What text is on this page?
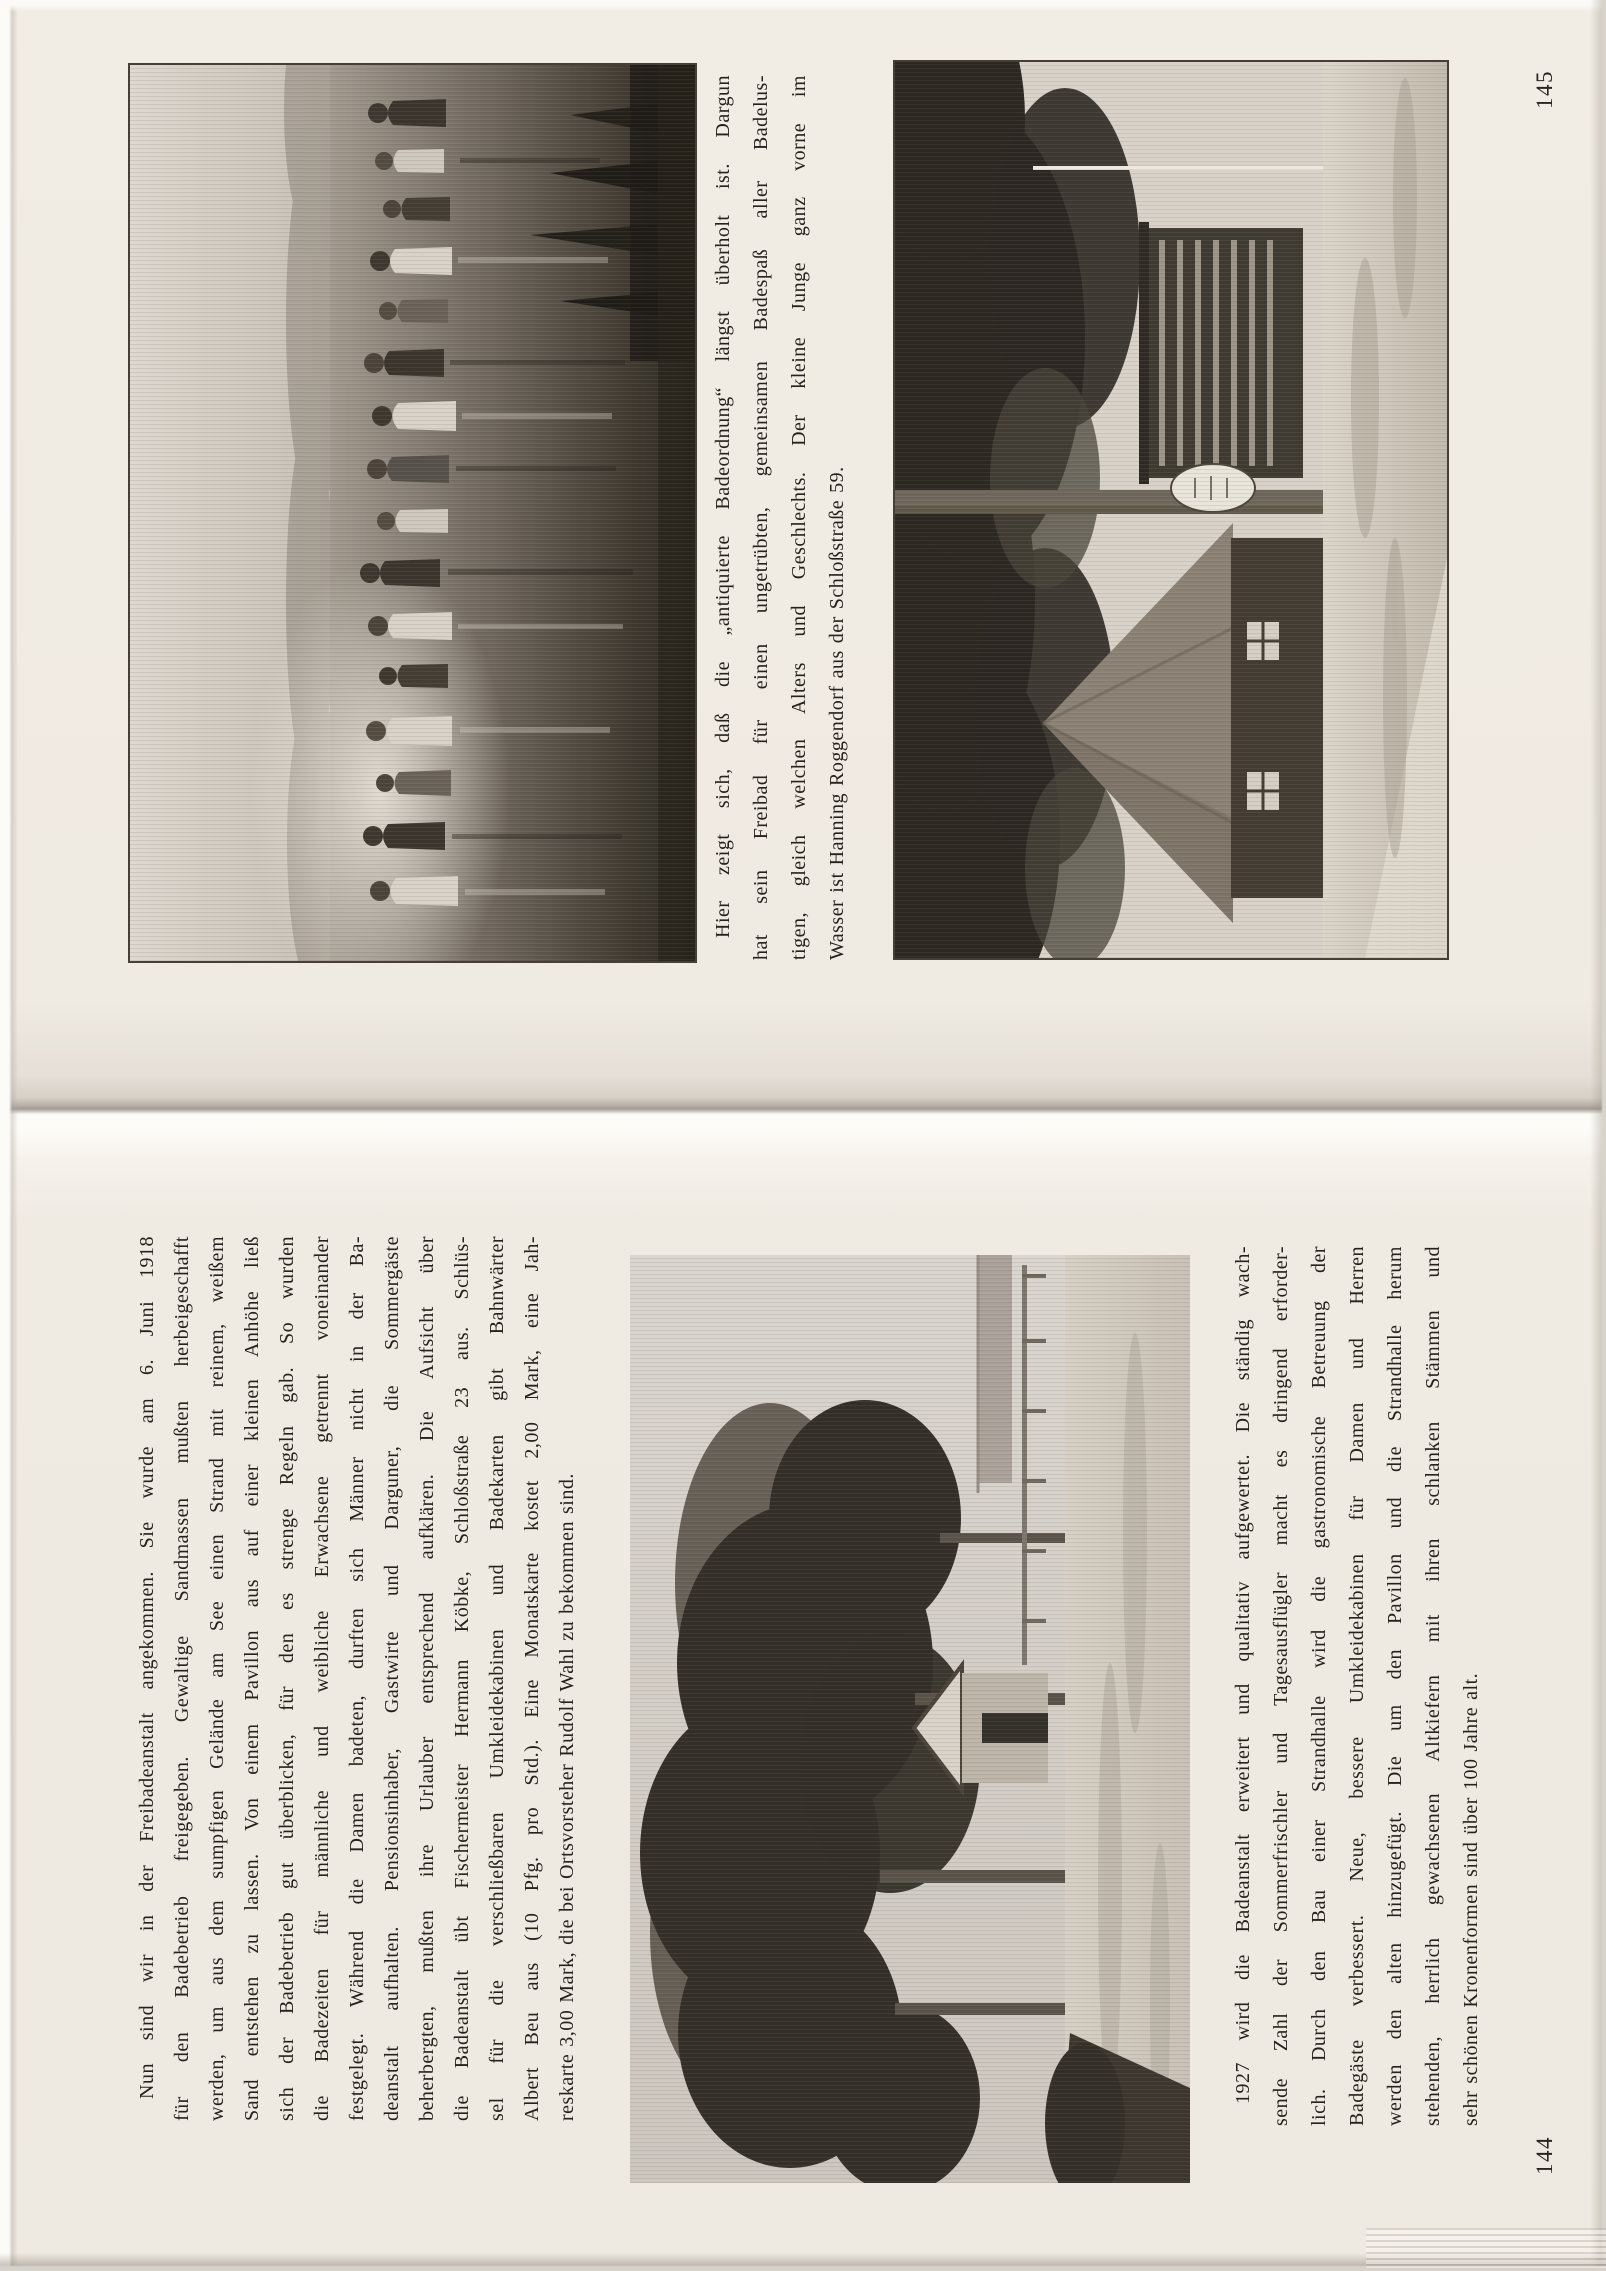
Hier zeigt sich, daß die „antiquierte Badeordnung“ längst überholt ist. Dargun hat sein Freibad für einen ungetrübten, gemeinsamen Badespaß aller Badelus- tigen, gleich welchen Alters und Geschlechts. Der kleine Junge ganz vorne im Wasser ist Hanning Roggendorf aus der Schloßstraße 59.
145
Nun sind wir in der Freibadeanstalt angekommen. Sie wurde am 6. Juni 1918 für den Badebetrieb freigegeben. Gewaltige Sandmassen mußten herbeigeschafft werden, um aus dem sumpfigen Gelände am See einen Strand mit reinem, weißem Sand entstehen zu lassen. Von einem Pavillon aus auf einer kleinen Anhöhe ließ sich der Badebetrieb gut überblicken, für den es strenge Regeln gab. So wurden die Badezeiten für männliche und weibliche Erwachsene getrennt voneinander festgelegt. Während die Damen badeten, durften sich Männer nicht in der Ba- deanstalt aufhalten. Pensionsinhaber, Gastwirte und Darguner, die Sommergäste beherbergten, mußten ihre Urlauber entsprechend aufklären. Die Aufsicht über die Badeanstalt übt Fischermeister Hermann Köbke, Schloßstraße 23 aus. Schlüs- sel für die verschließbaren Umkleidekabinen und Badekarten gibt Bahnwärter Albert Beu aus (10 Pfg. pro Std.). Eine Monatskarte kostet 2,00 Mark, eine Jah- reskarte 3,00 Mark, die bei Ortsvorsteher Rudolf Wahl zu bekommen sind.	1927 wird die Badeanstalt erweitert und qualitativ aufgewertet. Die ständig wach- sende Zahl der Sommerfrischler und Tagesausflügler macht es dringend erforder- lich. Durch den Bau einer Strandhalle wird die gastronomische Betreuung der Badegäste verbessert. Neue, bessere Umkleidekabinen für Damen und Herren werden den alten hinzugefügt. Die um den Pavillon und die Strandhalle herum stehenden, herrlich gewachsenen Altkiefern mit ihren schlanken Stämmen und sehr schönen Kronenformen sind über 100 Jahre alt.
144
